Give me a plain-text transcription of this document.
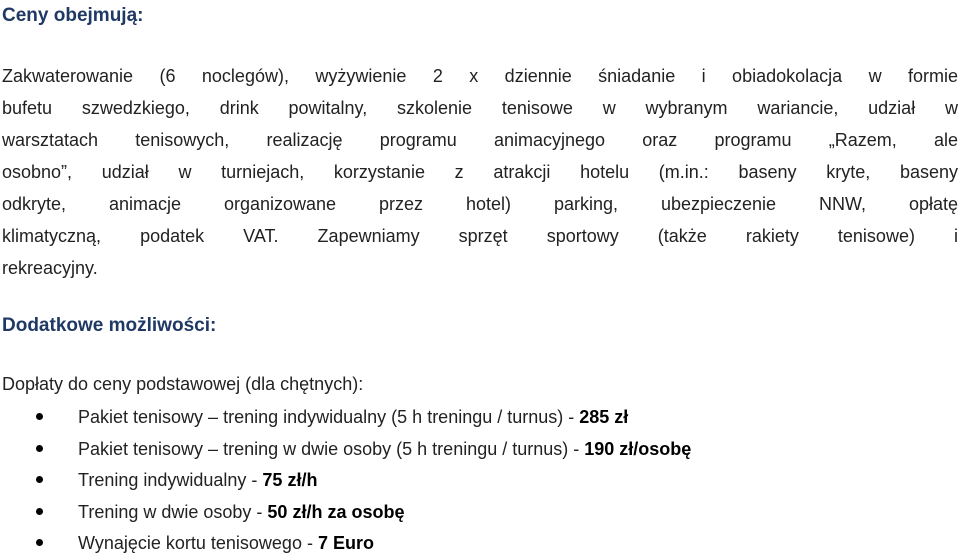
Ceny obejmują:

Zakwaterowanie (6 noclegów), wyżywienie 2 x dziennie śniadanie i obiadokolacja w formie
bufetu szwedzkiego, drink powitalny, szkolenie tenisowe w wybranym wariancie, udział w
warsztatach tenisowych, realizację programu animacyjnego oraz programu „Razem, ale
osobno”, udział w turniejach, korzystanie z atrakcji hotelu (m.in.: baseny kryte, baseny
odkryte, animacje organizowane przez hotel) parking, ubezpieczenie NNW, opłatę
klimatyczną, podatek VAT. Zapewniamy sprzęt sportowy (także rakiety tenisowe) i
rekreacyjny.

Dodatkowe możliwości:
Dopłaty do ceny podstawowej (dla chętnych):
Pakiet tenisowy – trening indywidualny (5 h treningu / turnus) - 285 zł
Pakiet tenisowy – trening w dwie osoby (5 h treningu / turnus) - 190 zł/osobę
Trening indywidualny - 75 zł/h
Trening w dwie osoby - 50 zł/h za osobę
Wynajęcie kortu tenisowego - 7 Euro
